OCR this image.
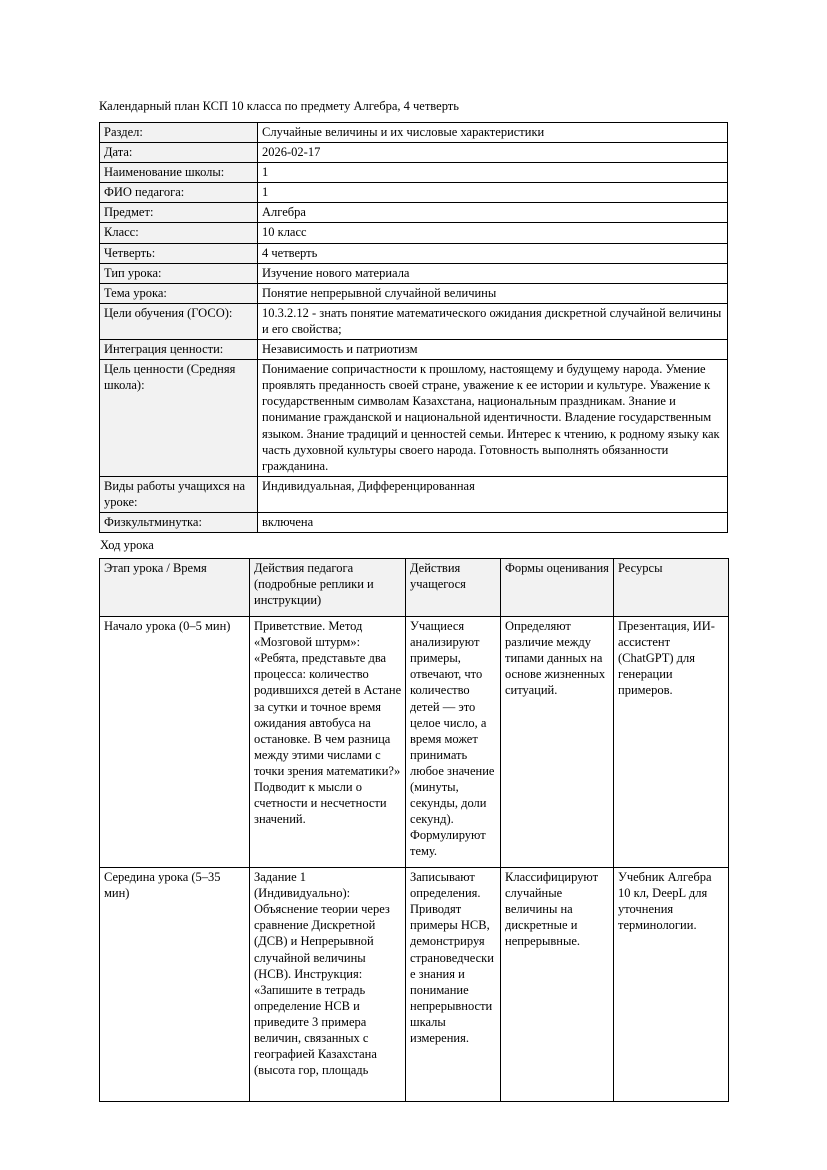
Календарный план КСП 10 класса по предмету Алгебра, 4 четверть
Раздел:	Случайные величины и их числовые характеристики
Дата:	2026-02-17
Наименование школы:	1
ФИО педагога:	1
Предмет:	Алгебра
Класс:	10 класс
Четверть:	4 четверть
Тип урока:	Изучение нового материала
Тема урока:	Понятие непрерывной случайной величины
Цели обучения (ГОСО):	10.3.2.12 - знать понятие математического ожидания дискретной случайной величины и его свойства;
Интеграция ценности:	Независимость и патриотизм
Цель ценности (Средняя школа):	Понимаение сопричастности к прошлому, настоящему и будущему народа. Умение проявлять преданность своей стране, уважение к ее истории и культуре. Уважение к государственным символам Казахстана, национальным праздникам. Знание и понимание гражданской и национальной идентичности. Владение государственным языком. Знание традиций и ценностей семьи. Интерес к чтению, к родному языку как часть духовной культуры своего народа. Готовность выполнять обязанности гражданина.
Виды работы учащихся на уроке:	Индивидуальная, Дифференцированная
Физкультминутка:	включена
Ход урока
Этап урока / Время	Действия педагога (подробные реплики и инструкции)	Действия учащегося	Формы оценивания	Ресурсы
Начало урока (0–5 мин)	Приветствие. Метод «Мозговой штурм»: «Ребята, представьте два процесса: количество родившихся детей в Астане за сутки и точное время ожидания автобуса на остановке. В чем разница между этими числами с точки зрения математики?» Подводит к мысли о счетности и несчетности значений.	Учащиеся анализируют примеры, отвечают, что количество детей — это целое число, а время может принимать любое значение (минуты, секунды, доли секунд). Формулируют тему.	Определяют различие между типами данных на основе жизненных ситуаций.	Презентация, ИИ-ассистент (ChatGPT) для генерации примеров.
Середина урока (5–35 мин)	Задание 1 (Индивидуально): Объяснение теории через сравнение Дискретной (ДСВ) и Непрерывной случайной величины (НСВ). Инструкция: «Запишите в тетрадь определение НСВ и приведите 3 примера величин, связанных с географией Казахстана (высота гор, площадь	Записывают определения. Приводят примеры НСВ, демонстрируя страноведческие знания и понимание непрерывности шкалы измерения.	Классифицируют случайные величины на дискретные и непрерывные.	Учебник Алгебра 10 кл, DeepL для уточнения терминологии.
